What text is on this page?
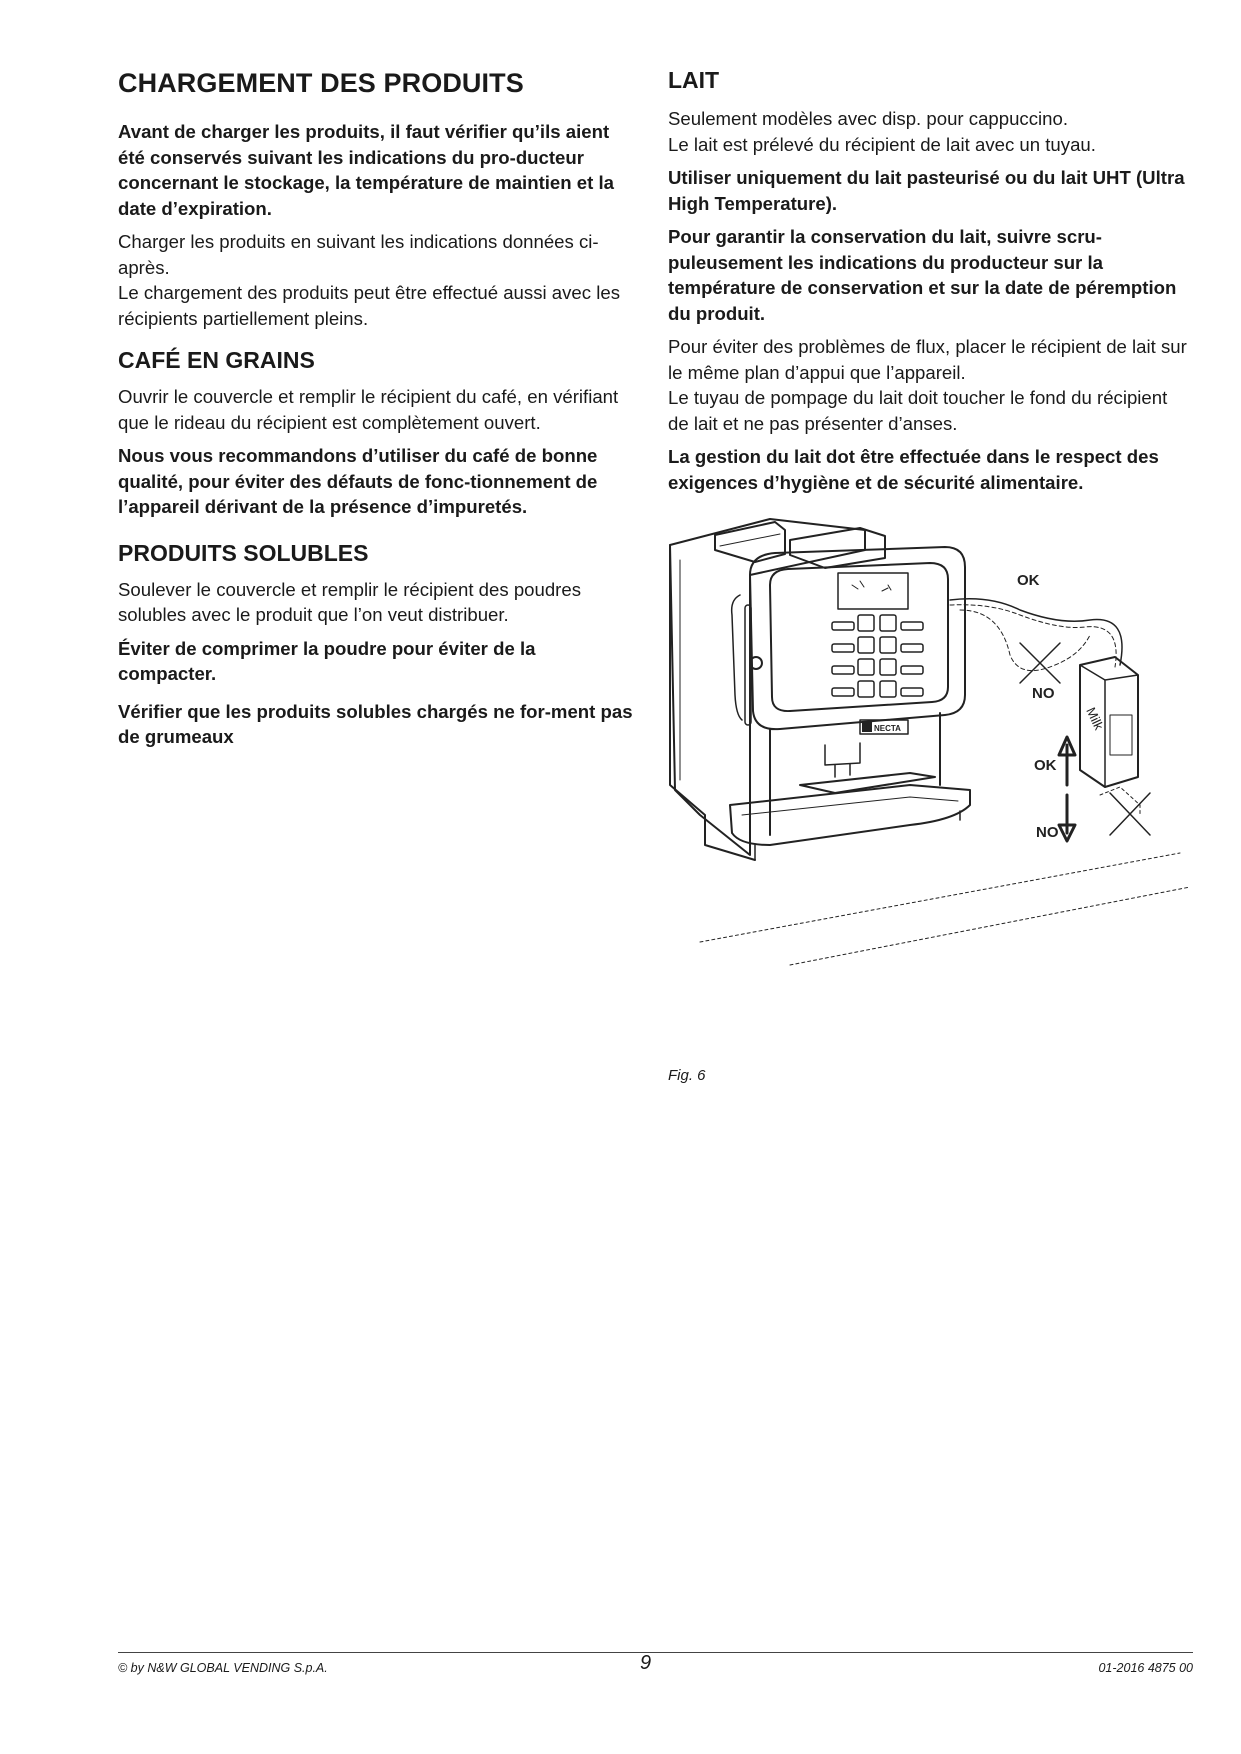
CHARGEMENT DES PRODUITS

Avant de charger les produits, il faut vérifier qu’ils aient été conservés suivant les indications du pro-ducteur concernant le stockage, la température de maintien et la date d’expiration.

Charger les produits en suivant les indications données ci-après.

Le chargement des produits peut être effectué aussi avec les récipients partiellement pleins.

CAFÉ EN GRAINS

Ouvrir le couvercle et remplir le récipient du café, en vérifiant que le rideau du récipient est complètement ouvert.

Nous vous recommandons d’utiliser du café de bonne qualité, pour éviter des défauts de fonc-tionnement de l’appareil dérivant de la présence d’impuretés.

PRODUITS SOLUBLES

Soulever le couvercle et remplir le récipient des poudres solubles avec le produit que l’on veut distribuer.

Éviter de comprimer la poudre pour éviter de la compacter.

Vérifier que les produits solubles chargés ne for-ment pas de grumeaux

LAIT

Seulement modèles avec disp. pour cappuccino.

Le lait est prélevé du récipient de lait avec un tuyau.

Utiliser uniquement du lait pasteurisé ou du lait UHT (Ultra High Temperature).

Pour garantir la conservation du lait, suivre scru-puleusement les indications du producteur sur la température de conservation et sur la date de péremption du produit.

Pour éviter des problèmes de flux, placer le récipient de lait sur le même plan d’appui que l’appareil.

Le tuyau de pompage du lait doit toucher le fond du récipient de lait et ne pas présenter d’anses.

La gestion du lait dot être effectuée dans le respect des exigences d’hygiène et de sécurité alimentaire.

NECTA	Milk
OK
NO
OK
NO
Fig. 6
© by N&W GLOBAL VENDING S.p.A.	9	01-2016 4875 00
